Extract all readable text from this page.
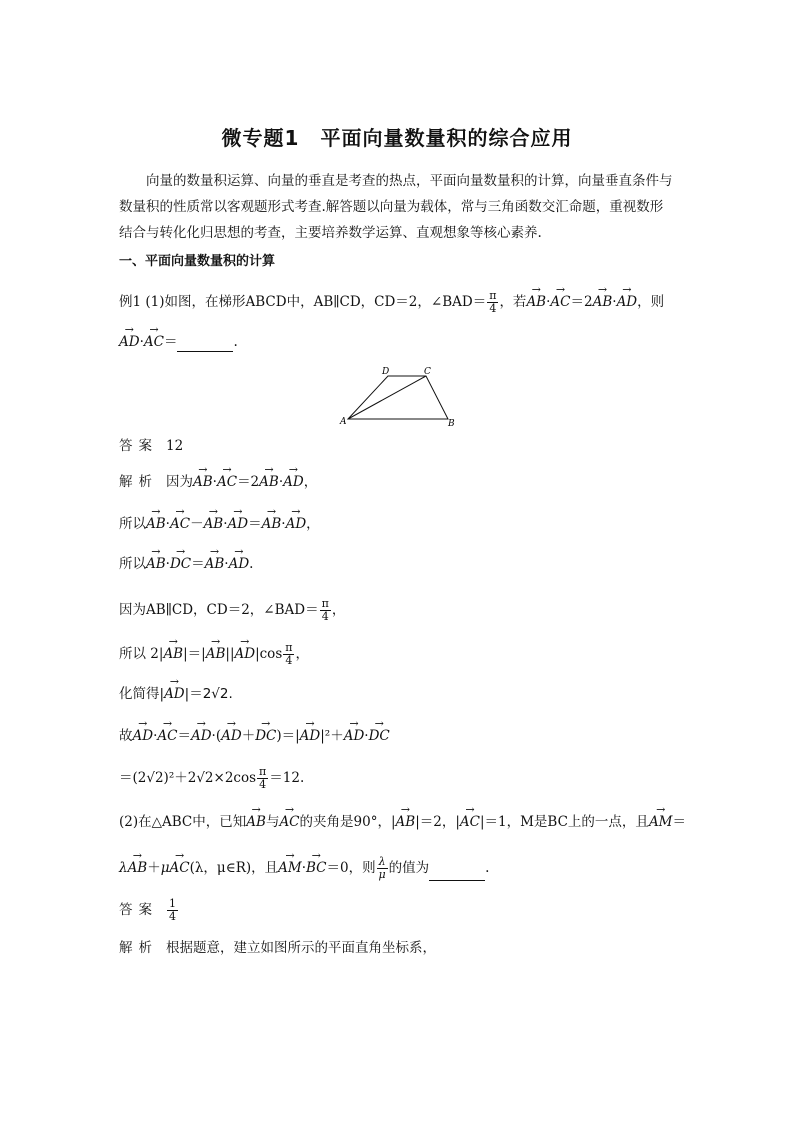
微专题1　平面向量数量积的综合应用

向量的数量积运算、向量的垂直是考查的热点，平面向量数量积的计算，向量垂直条件与数量积的性质常以客观题形式考查.解答题以向量为载体，常与三角函数交汇命题，重视数形结合与转化化归思想的考查，主要培养数学运算、直观想象等核心素养.

一、平面向量数量积的计算
例1 (1)如图，在梯形ABCD中，AB∥CD，CD＝2，∠BAD＝ $\frac{\pi}{4}$ ，若→ AB·→ AC＝2→ AB·→ AD，则
→ AD·→ AC＝	.
D	C
A	B
答案 12
解析 因为→ AB·→ AC＝2→ AB·→ AD，
所以→ AB·→ AC－→ AB·→ AD＝→ AB·→ AD，
所以→ AB·→ DC＝→ AB·→ AD.
因为AB∥CD，CD＝2，∠BAD＝ $\frac{\pi}{4}$ ，
所以 $2|\to AB|=|\to AB||\to AD|\cos \frac{\pi}{4}$ ，
化简得|→ AD|＝2√2.
故→ AD·→ AC＝→ AD·(→ AD＋→ DC)＝|→ AD|²＋→ AD·→ DC
$=(2√2)^2+2√2\times 2\cos \frac{\pi}{4} =12$.
(2)在△ABC中，已知→ AB与→ AC的夹角是90°，|→ AB|＝2，|→ AC|＝1，M是BC上的一点，且→ AM＝
λ→ AB＋μ→ AC(λ，μ∈R)，且→ AM·→ BC＝0，则 $\frac{\lambda}{\mu}$ 的值为	.
答案 $\frac{1}{4}$
解析 根据题意，建立如图所示的平面直角坐标系，
